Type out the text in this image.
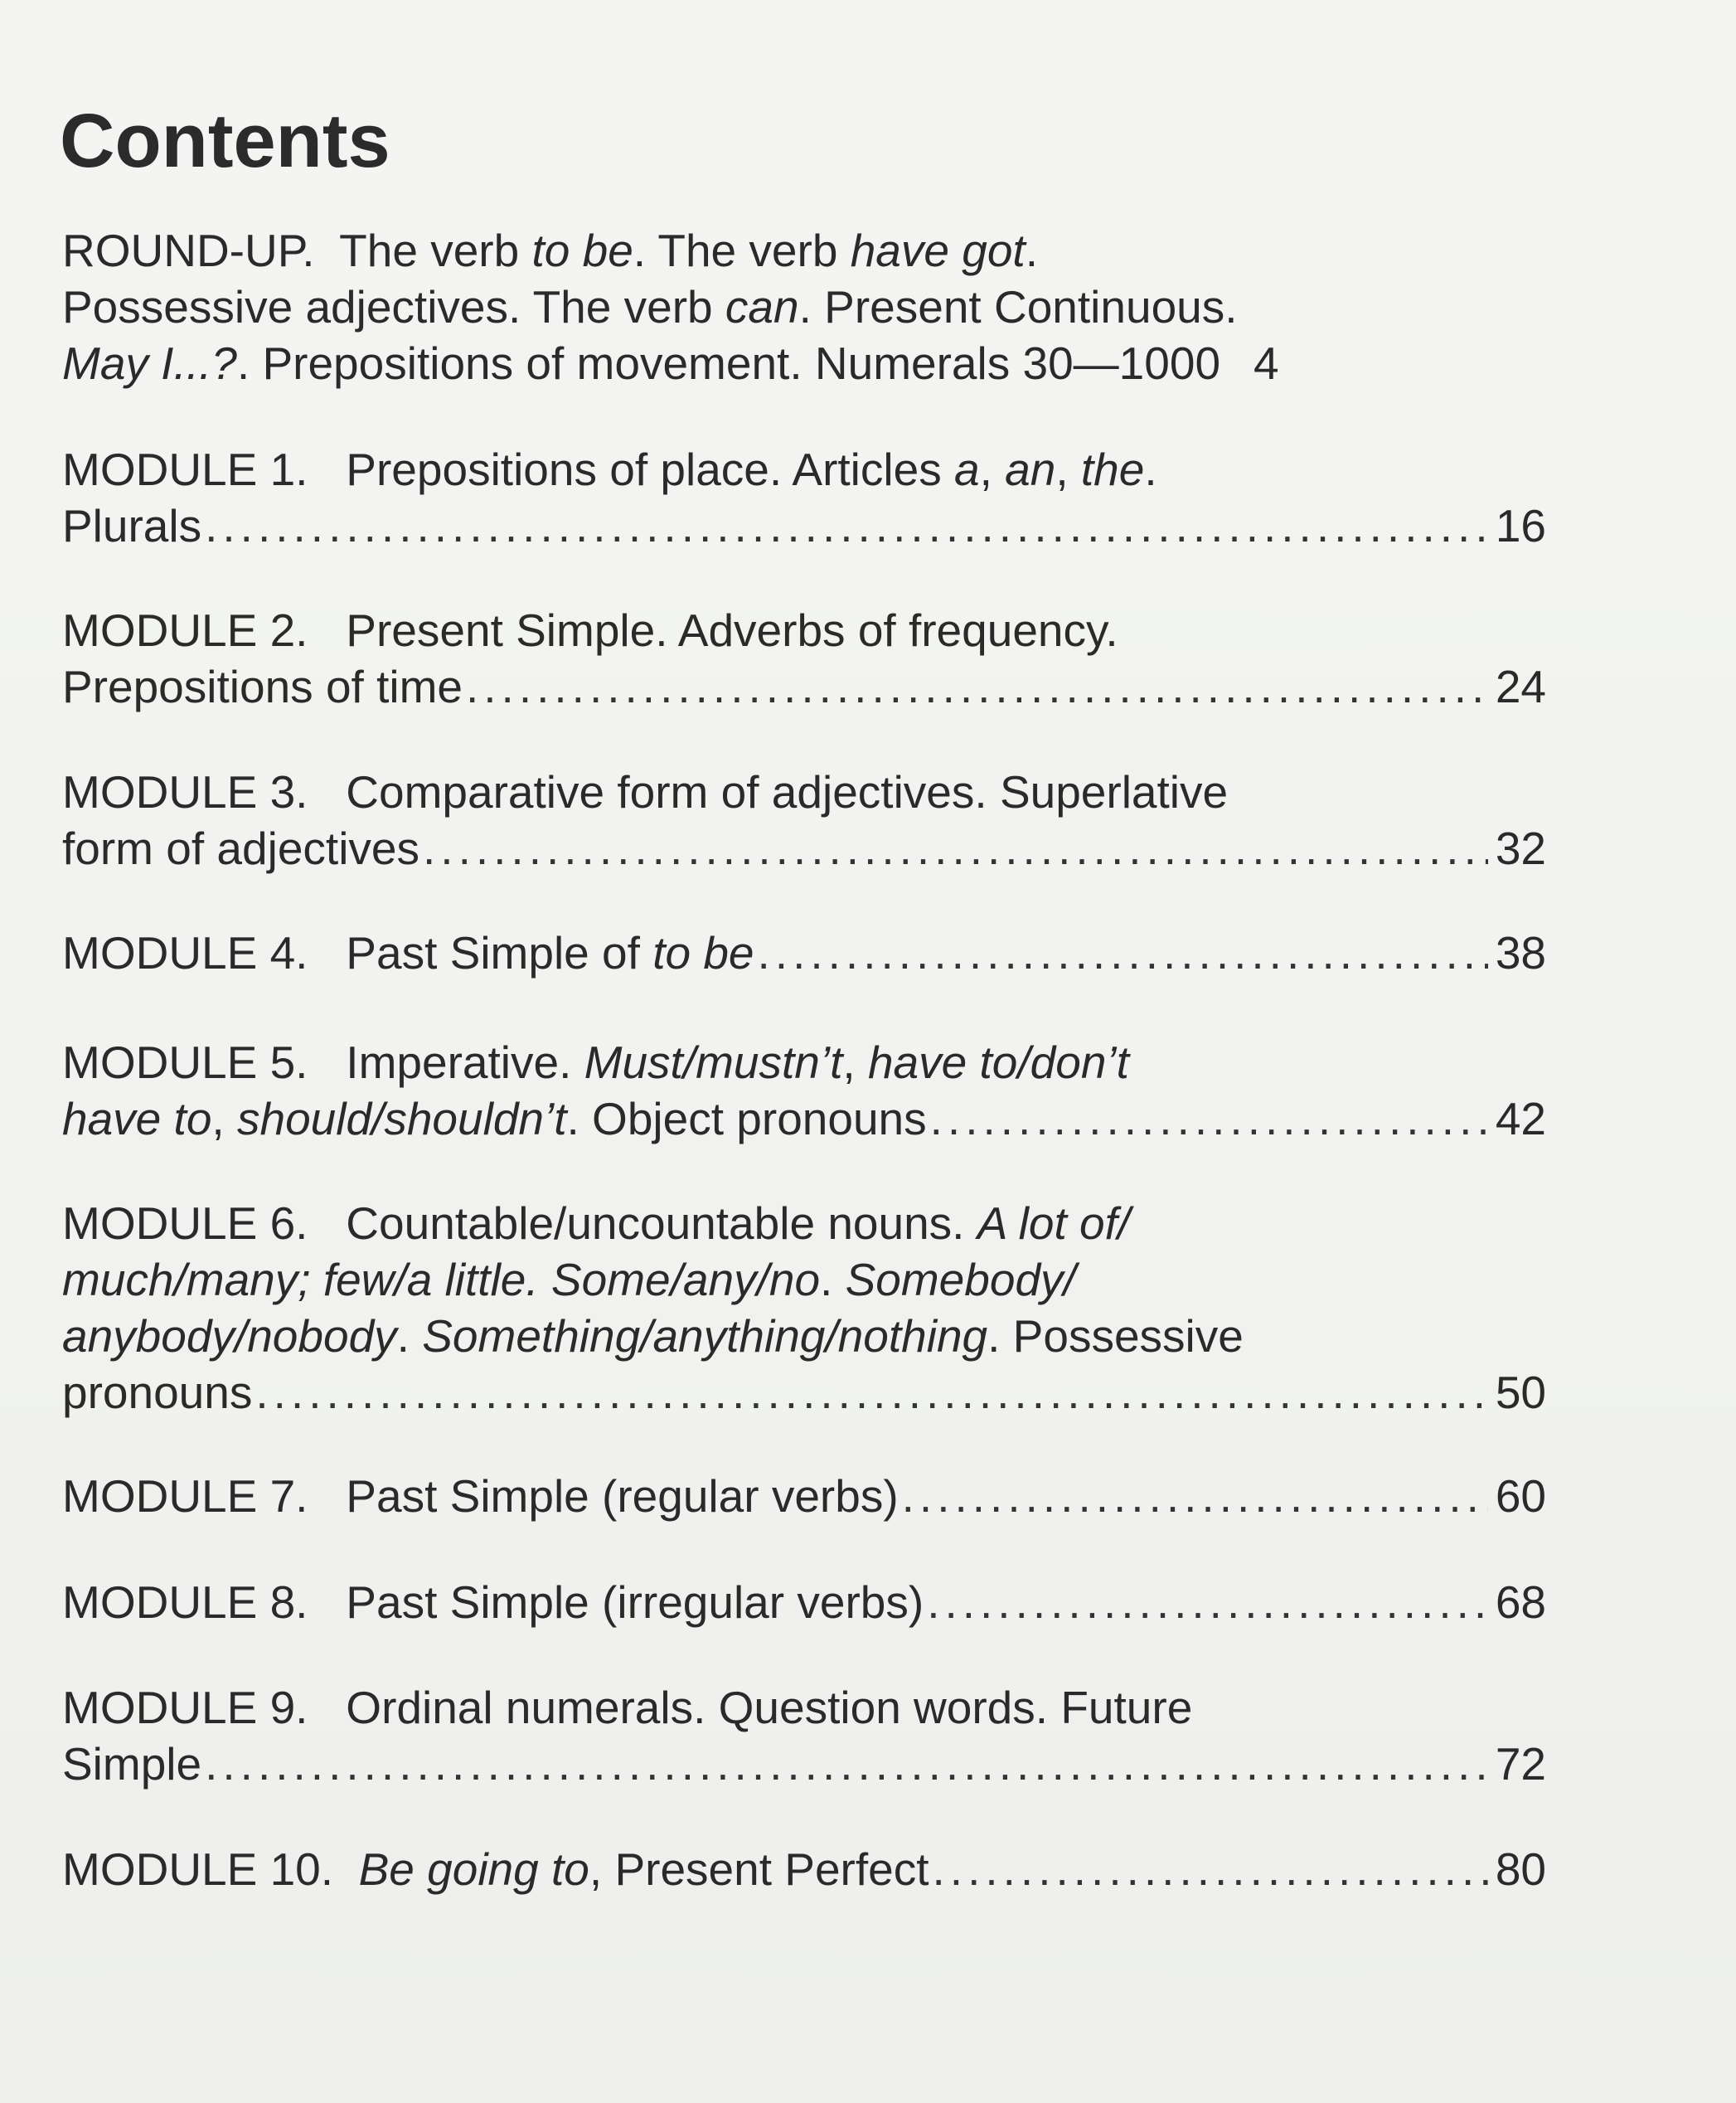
Contents
ROUND-UP.  The verb to be . The verb have got .
Possessive adjectives. The verb can . Present Continuous.
May I...? . Prepositions of movement. Numerals 30—1000 4
MODULE 1.   Prepositions of place. Articles a , an , the .
Plurals .....	16
MODULE 2.   Present Simple. Adverbs of frequency.
Prepositions of time .....	24
MODULE 3.   Comparative form of adjectives. Superlative
form of adjectives .....	32
MODULE 4.   Past Simple of to be .....	38
MODULE 5.   Imperative. Must/mustn’t , have to/don’t
have to , should/shouldn’t . Object pronouns .....	42
MODULE 6.   Countable/uncountable nouns. A lot of/
much/many; few/a little. Some/any/no . Somebody/
anybody/nobody . Something/anything/nothing . Possessive
pronouns .....	50
MODULE 7.   Past Simple (regular verbs) .....	60
MODULE 8.   Past Simple (irregular verbs) .....	68
MODULE 9.   Ordinal numerals. Question words. Future
Simple .....	72
MODULE 10. Be going to , Present Perfect .....	80
